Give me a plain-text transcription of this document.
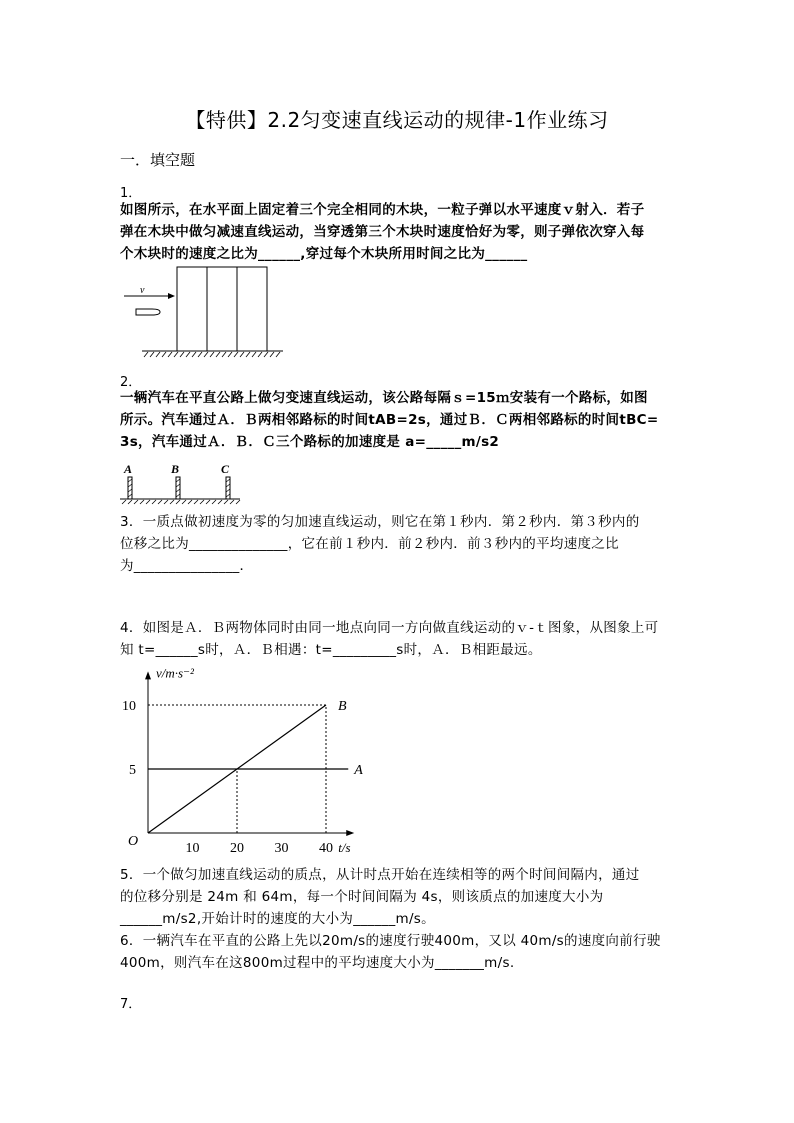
【特供】2.2匀变速直线运动的规律-1作业练习
一．填空题
1．
如图所示，在水平面上固定着三个完全相同的木块，一粒子弹以水平速度ｖ射入．若子
弹在木块中做匀减速直线运动，当穿透第三个木块时速度恰好为零，则子弹依次穿入每
个木块时的速度之比为______,穿过每个木块所用时间之比为______
v
2．
一辆汽车在平直公路上做匀变速直线运动，该公路每隔ｓ=15ｍ安装有一个路标，如图
所示。汽车通过Ａ．Ｂ两相邻路标的时间tAB=2s，通过Ｂ．Ｃ两相邻路标的时间tBC=
3s，汽车通过Ａ．Ｂ．Ｃ三个路标的加速度是 a=_____m/s2
A	B	C
3．一质点做初速度为零的匀加速直线运动，则它在第１秒内．第２秒内．第３秒内的
位移之比为______________，它在前１秒内．前２秒内．前３秒内的平均速度之比
为_______________．
4．如图是Ａ．Ｂ两物体同时由同一地点向同一方向做直线运动的ｖ-ｔ图象，从图象上可
知 t=______s时，Ａ．Ｂ相遇：t=_________s时，Ａ．Ｂ相距最远。
v/m·s⁻²
t/s
O	10 20 30 40
5
10
A
B
5．一个做匀加速直线运动的质点，从计时点开始在连续相等的两个时间间隔内，通过
的位移分别是 24m 和 64m，每一个时间间隔为 4s，则该质点的加速度大小为
______m/s2,开始计时的速度的大小为______m/s。
6．一辆汽车在平直的公路上先以20m/s的速度行驶400m，又以 40m/s的速度向前行驶
400m，则汽车在这800m过程中的平均速度大小为_______m/s.
7．
